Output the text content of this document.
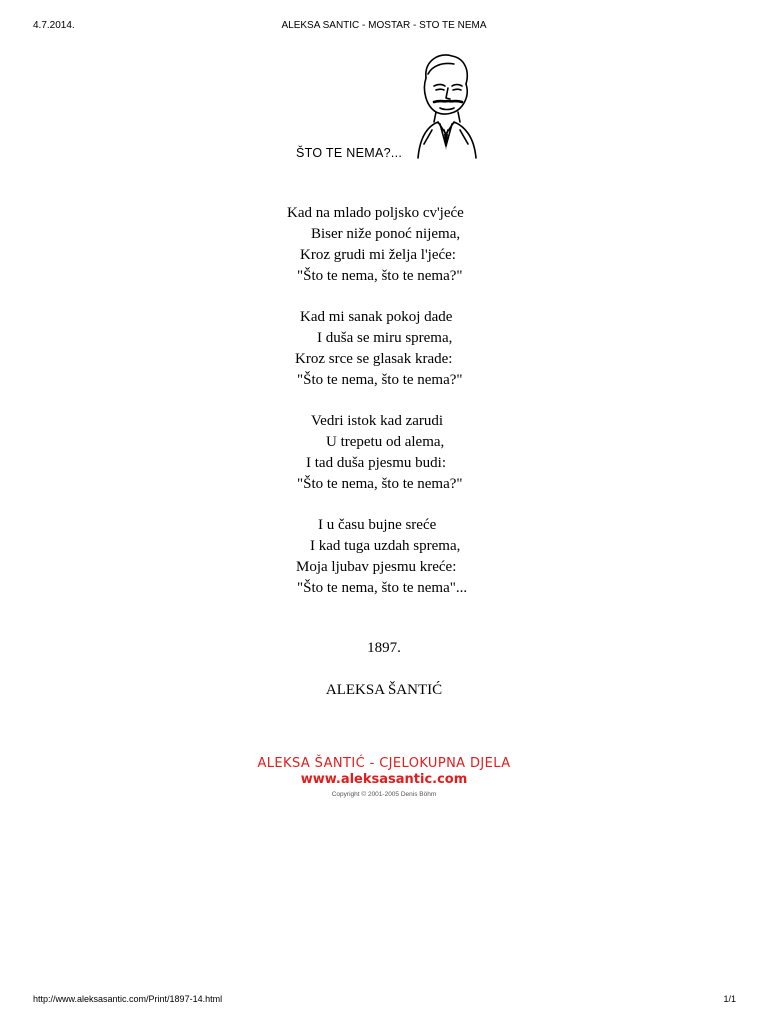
4.7.2014.	ALEKSA SANTIC - MOSTAR - STO TE NEMA
ŠTO TE NEMA?...
Kad na mlado poljsko cv'jeće
Biser niže ponoć nijema,
Kroz grudi mi želja l'jeće:
"Što te nema, što te nema?"
Kad mi sanak pokoj dade
I duša se miru sprema,
Kroz srce se glasak krade:
"Što te nema, što te nema?"
Vedri istok kad zarudi
U trepetu od alema,
I tad duša pjesmu budi:
"Što te nema, što te nema?"
I u času bujne sreće
I kad tuga uzdah sprema,
Moja ljubav pjesmu kreće:
"Što te nema, što te nema"...
1897.
ALEKSA ŠANTIĆ
ALEKSA ŠANTIĆ - CJELOKUPNA DJELA
www.aleksasantic.com
Copyright © 2001-2005 Denis Böhm
http://www.aleksasantic.com/Print/1897-14.html	1/1
